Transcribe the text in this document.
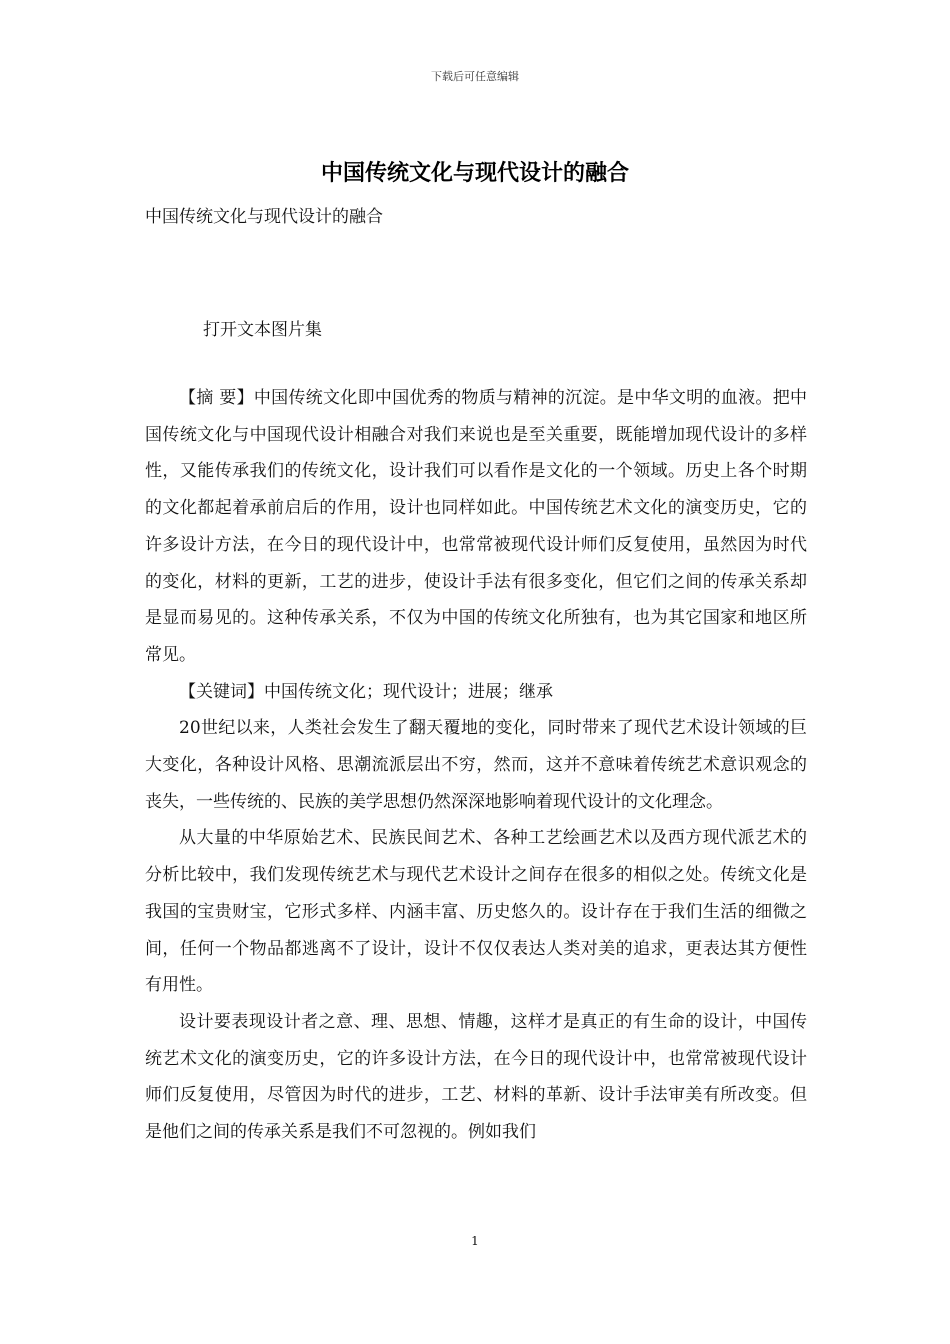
下载后可任意编辑
中国传统文化与现代设计的融合
中国传统文化与现代设计的融合
打开文本图片集

【摘 要】中国传统文化即中国优秀的物质与精神的沉淀。是中华文明的血液。把中国传统文化与中国现代设计相融合对我们来说也是至关重要，既能增加现代设计的多样性，又能传承我们的传统文化，设计我们可以看作是文化的一个领域。历史上各个时期的文化都起着承前启后的作用，设计也同样如此。中国传统艺术文化的演变历史，它的许多设计方法，在今日的现代设计中，也常常被现代设计师们反复使用，虽然因为时代的变化，材料的更新，工艺的进步，使设计手法有很多变化，但它们之间的传承关系却是显而易见的。这种传承关系，不仅为中国的传统文化所独有，也为其它国家和地区所常见。

【关键词】中国传统文化；现代设计；进展；继承

20世纪以来，人类社会发生了翻天覆地的变化，同时带来了现代艺术设计领域的巨大变化，各种设计风格、思潮流派层出不穷，然而，这并不意味着传统艺术意识观念的丧失，一些传统的、民族的美学思想仍然深深地影响着现代设计的文化理念。

从大量的中华原始艺术、民族民间艺术、各种工艺绘画艺术以及西方现代派艺术的分析比较中，我们发现传统艺术与现代艺术设计之间存在很多的相似之处。传统文化是我国的宝贵财宝，它形式多样、内涵丰富、历史悠久的。设计存在于我们生活的细微之间，任何一个物品都逃离不了设计，设计不仅仅表达人类对美的追求，更表达其方便性有用性。

设计要表现设计者之意、理、思想、情趣，这样才是真正的有生命的设计，中国传统艺术文化的演变历史，它的许多设计方法，在今日的现代设计中，也常常被现代设计师们反复使用，尽管因为时代的进步，工艺、材料的革新、设计手法审美有所改变。但是他们之间的传承关系是我们不可忽视的。例如我们

1
